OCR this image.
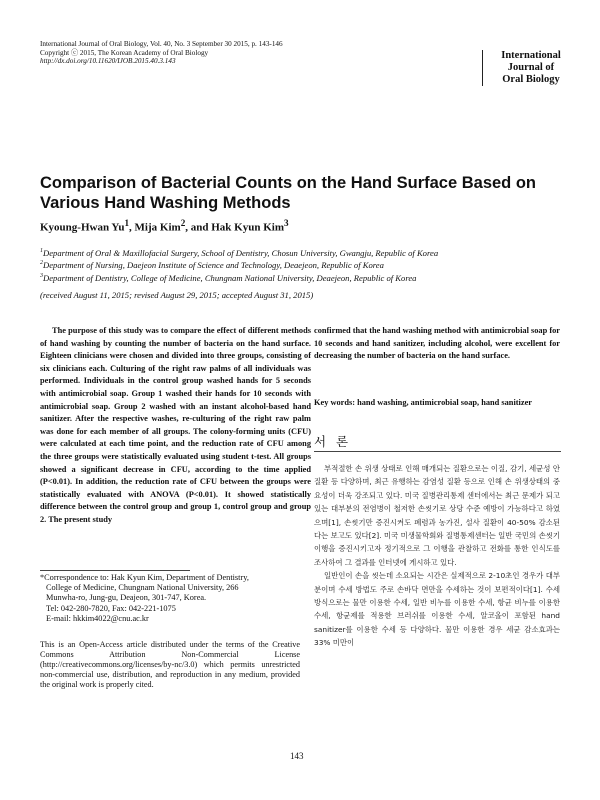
International Journal of Oral Biology, Vol. 40, No. 3 September 30 2015, p. 143-146
Copyright ⓒ 2015, The Korean Academy of Oral Biology
http://dx.doi.org/10.11620/IJOB.2015.40.3.143
International
Journal of
Oral Biology
Comparison of Bacterial Counts on the Hand Surface Based on Various Hand Washing Methods
Kyoung-Hwan Yu$^1$, Mija Kim$^2$, and Hak Kyun Kim$^3$
$^1$Department of Oral & Maxillofacial Surgery, School of Dentistry, Chosun University, Gwangju, Republic of Korea
$^2$Department of Nursing, Daejeon Institute of Science and Technology, Deaejeon, Republic of Korea
$^3$Department of Dentistry, College of Medicine, Chungnam National University, Deaejeon, Republic of Korea
(received August 11, 2015; revised August 29, 2015; accepted August 31, 2015)
The purpose of this study was to compare the effect of different methods of hand washing by counting the number of bacteria on the hand surface. Eighteen clinicians were chosen and divided into three groups, consisting of six clinicians each. Culturing of the right raw palms of all individuals was performed. Individuals in the control group washed hands for 5 seconds with antimicrobial soap. Group 1 washed their hands for 10 seconds with antimicrobial soap. Group 2 washed with an instant alcohol-based hand sanitizer. After the respective washes, re-culturing of the right raw palm was done for each member of all groups. The colony-forming units (CFU) were calculated at each time point, and the reduction rate of CFU among the three groups were statistically evaluated using student t-test. All groups showed a significant decrease in CFU, according to the time applied (P<0.01). In addition, the reduction rate of CFU between the groups were statistically evaluated with ANOVA (P<0.01). It showed statistically difference between the control group and group 1, control group and group 2. The present study
confirmed that the hand washing method with antimicrobial soap for 10 seconds and hand sanitizer, including alcohol, were excellent for decreasing the number of bacteria on the hand surface.
Key words: hand washing, antimicrobial soap, hand sanitizer
서 론

부적절한 손 위생 상태로 인해 매개되는 질환으로는 이질, 감기, 세균성 안질환 등 다양하며, 최근 유행하는 감염성 질환 등으로 인해 손 위생상태의 중요성이 더욱 강조되고 있다. 미국 질병관리통제 센터에서는 최근 문제가 되고 있는 대부분의 전염병이 철저한 손씻기로 상당 수준 예방이 가능하다고 하였으며[1], 손씻기만 증진시켜도 폐렴과 농가진, 설사 질환이 40-50% 감소된다는 보고도 있다[2]. 미국 미생물학회와 질병통제센터는 일반 국민의 손씻기 이행을 증진시키고자 정기적으로 그 이행을 관찰하고 전화를 통한 인식도를 조사하여 그 결과를 인터넷에 게시하고 있다.

일반인이 손을 씻는데 소요되는 시간은 실제적으로 2-10초인 경우가 대부분이며 수세 방법도 주로 손바닥 면만을 수세하는 것이 보편적이다[1]. 수세 방식으로는 물만 이용한 수세, 일반 비누를 이용한 수세, 항균 비누를 이용한 수세, 항균제를 적용한 브러쉬를 이용한 수세, 알코올이 포함된 hand sanitizer를 이용한 수세 등 다양하다. 물만 이용한 경우 세균 감소효과는 33% 미만이

*Correspondence to: Hak Kyun Kim, Department of Dentistry,
College of Medicine, Chungnam National University, 266
Munwha-ro, Jung-gu, Deajeon, 301-747, Korea.
Tel: 042-280-7820, Fax: 042-221-1075
E-mail: hkkim4022@cnu.ac.kr
This is an Open-Access article distributed under the terms of the Creative Commons Attribution Non-Commercial License (http://creativecommons.org/licenses/by-nc/3.0) which permits unrestricted non-commercial use, distribution, and reproduction in any medium, provided the original work is properly cited.
143
